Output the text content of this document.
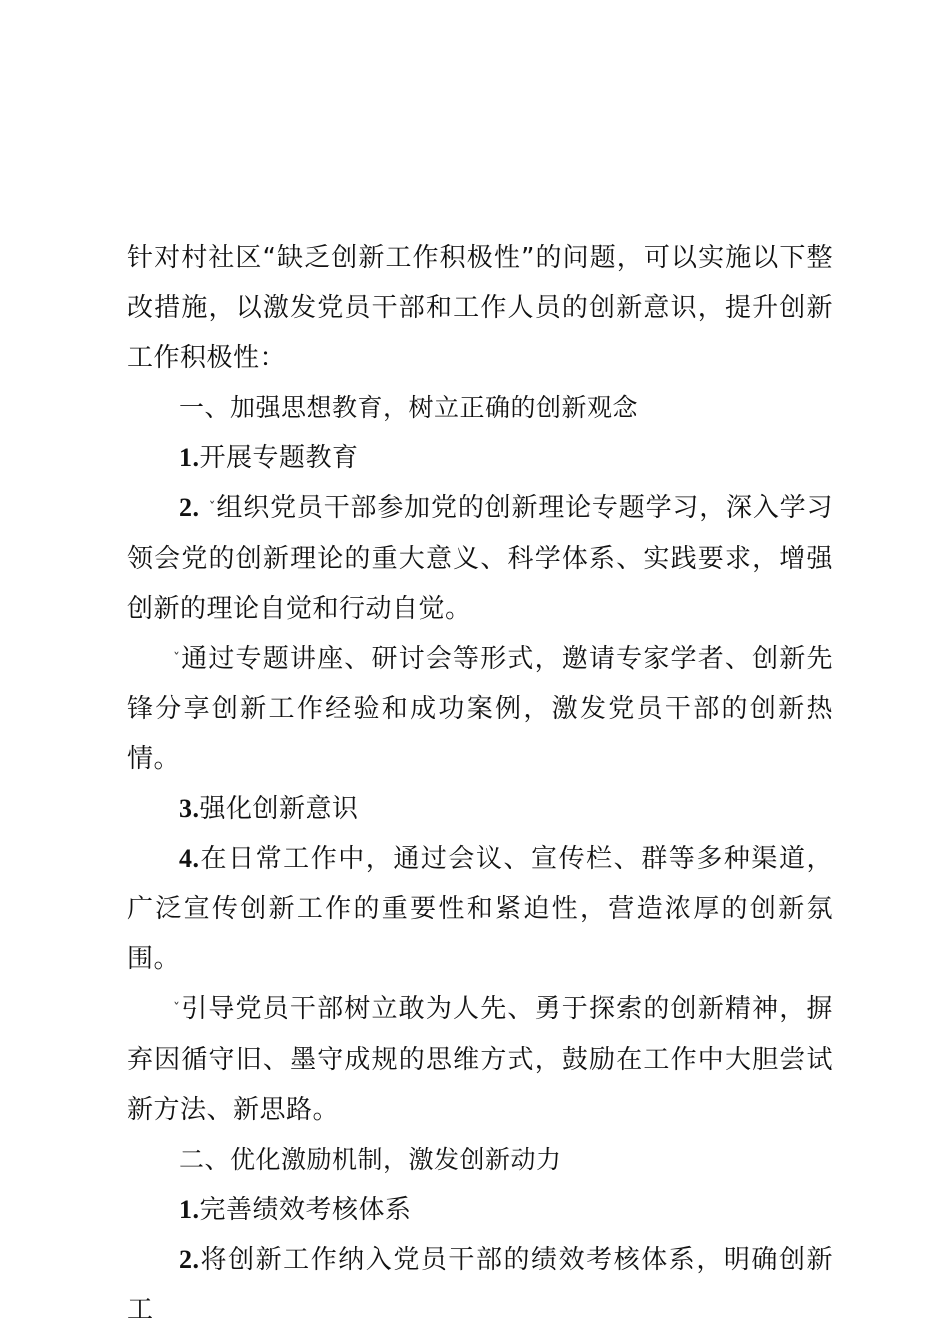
针对村社区“缺乏创新工作积极性”的问题，可以实施以下整改措施，以激发党员干部和工作人员的创新意识，提升创新工作积极性：

一、加强思想教育，树立正确的创新观念

1.开展专题教育

2. ˇ组织党员干部参加党的创新理论专题学习，深入学习领会党的创新理论的重大意义、科学体系、实践要求，增强创新的理论自觉和行动自觉。

ˇ通过专题讲座、研讨会等形式，邀请专家学者、创新先锋分享创新工作经验和成功案例，激发党员干部的创新热情。

3.强化创新意识

4.在日常工作中，通过会议、宣传栏、群等多种渠道，广泛宣传创新工作的重要性和紧迫性，营造浓厚的创新氛围。

ˇ引导党员干部树立敢为人先、勇于探索的创新精神，摒弃因循守旧、墨守成规的思维方式，鼓励在工作中大胆尝试新方法、新思路。

二、优化激励机制，激发创新动力

1.完善绩效考核体系

2.将创新工作纳入党员干部的绩效考核体系，明确创新工
